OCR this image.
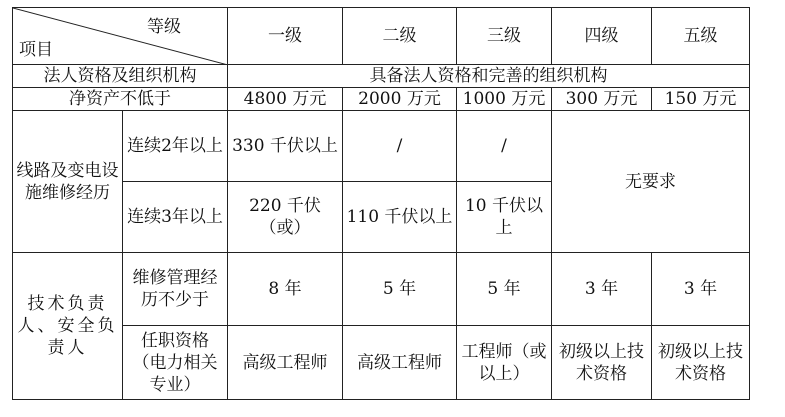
等级
项目		一级	二级	三级	四级	五级
法人资格及组织机构		具备法人资格和完善的组织机构				
净资产不低于		4800 万元	2000 万元	1000 万元	300 万元	150 万元
线路及变电设施维修经历	连续2年以上	330 千伏以上	/	/	无要求	
	连续3年以上	220 千伏（或）	110 千伏以上	10 千伏以上		
技术负责人、安全负责人	维修管理经历不少于	8 年	5 年	5 年	3 年	3 年
	任职资格（电力相关专业）	高级工程师	高级工程师	工程师（或以上）	初级以上技术资格	初级以上技术资格
